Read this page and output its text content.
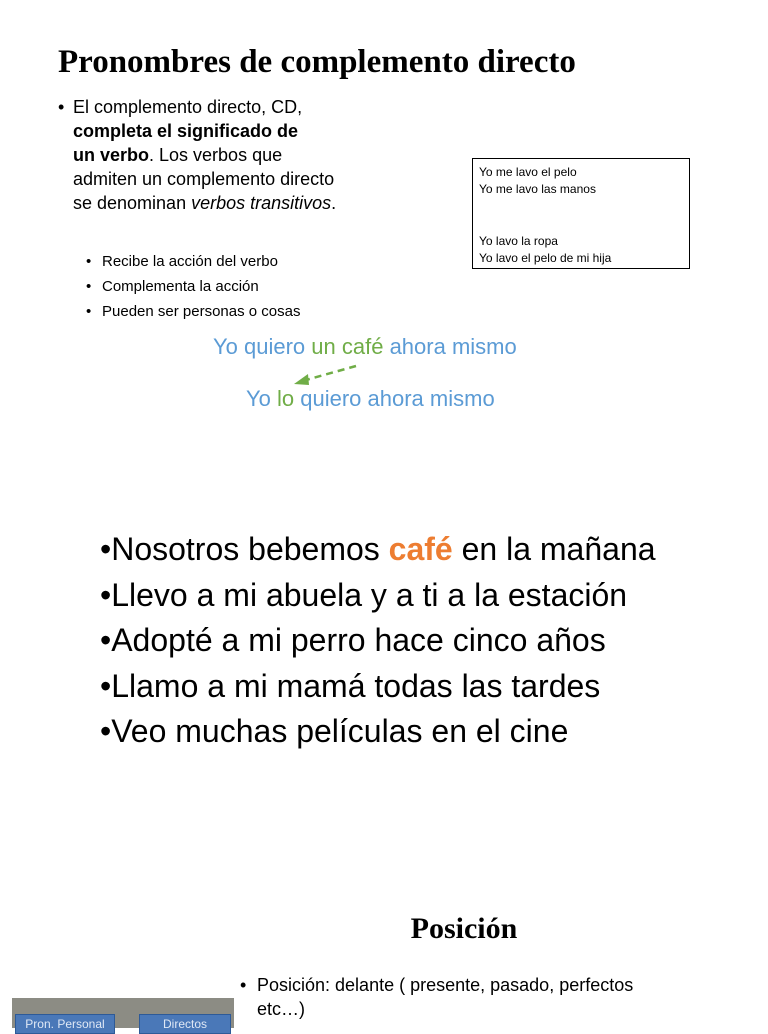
Pronombres de complemento directo
• El complemento directo, CD,
completa el significado de
un verbo. Los verbos que
admiten un complemento directo
se denominan verbos transitivos.
• Recibe la acción del verbo
• Complementa la acción
• Pueden ser personas o cosas
Yo me lavo el pelo
Yo me lavo las manos
Yo lavo la ropa
Yo lavo el pelo de mi hija
Yo quiero un café ahora mismo
Yo lo quiero ahora mismo
•Nosotros bebemos café en la mañana
•Llevo a mi abuela y a ti a la estación
•Adopté a mi perro hace cinco años
•Llamo a mi mamá todas las tardes
•Veo muchas películas en el cine
Posición
• Posición: delante ( presente, pasado, perfectos
etc…)
Pron. Personal	Directos
